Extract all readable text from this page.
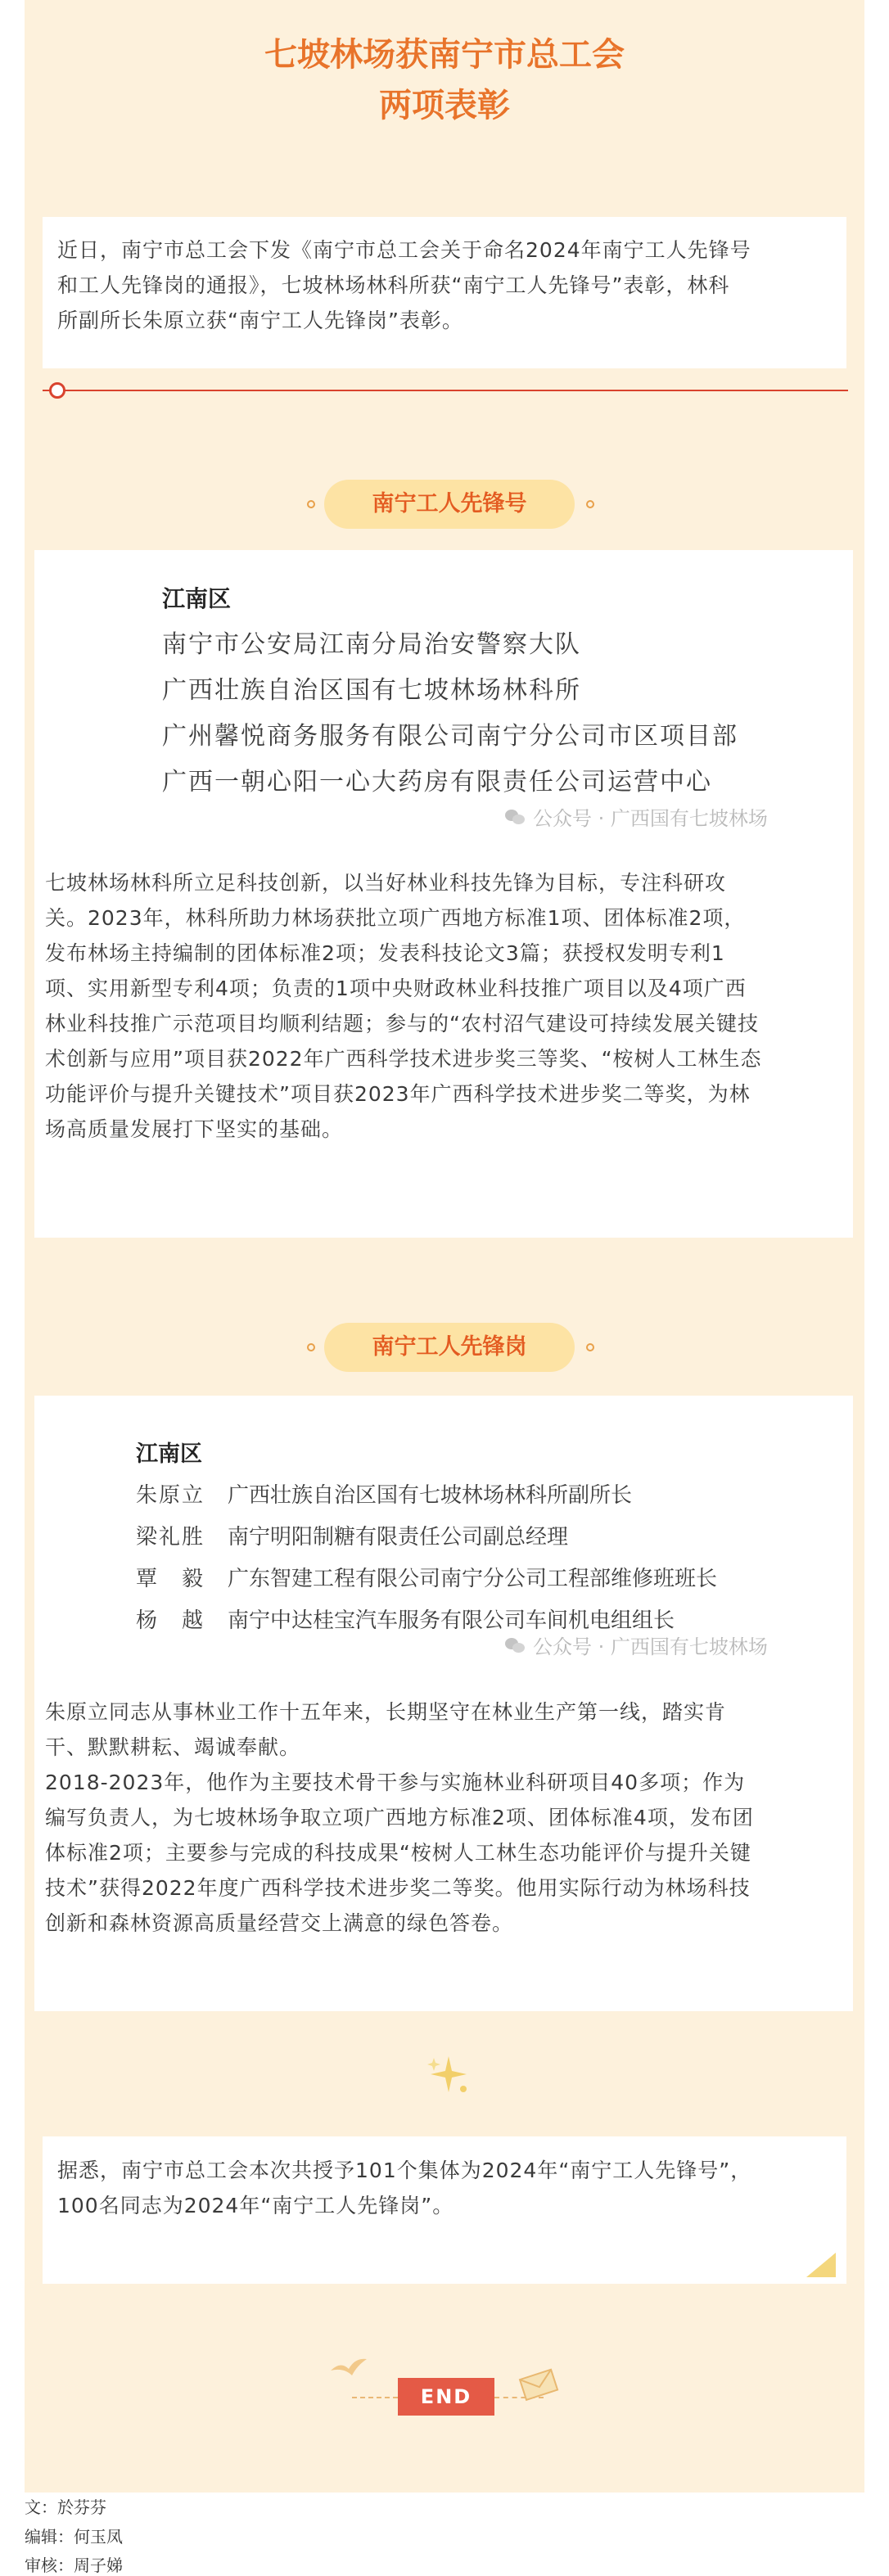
七坡林场获南宁市总工会
两项表彰

近日，南宁市总工会下发《南宁市总工会关于命名2024年南宁工人先锋号

和工人先锋岗的通报》，七坡林场林科所获“南宁工人先锋号”表彰，林科

所副所长朱原立获“南宁工人先锋岗”表彰。

南宁工人先锋号
江南区
南宁市公安局江南分局治安警察大队
广西壮族自治区国有七坡林场林科所
广州馨悦商务服务有限公司南宁分公司市区项目部
广西一朝心阳一心大药房有限责任公司运营中心
公众号 · 广西国有七坡林场

七坡林场林科所立足科技创新，以当好林业科技先锋为目标，专注科研攻

关。2023年，林科所助力林场获批立项广西地方标准1项、团体标准2项，

发布林场主持编制的团体标准2项；发表科技论文3篇；获授权发明专利1

项、实用新型专利4项；负责的1项中央财政林业科技推广项目以及4项广西

林业科技推广示范项目均顺利结题；参与的“农村沼气建设可持续发展关键技

术创新与应用”项目获2022年广西科学技术进步奖三等奖、“桉树人工林生态

功能评价与提升关键技术”项目获2023年广西科学技术进步奖二等奖，为林

场高质量发展打下坚实的基础。

南宁工人先锋岗
江南区
朱原立 广西壮族自治区国有七坡林场林科所副所长
梁礼胜 南宁明阳制糖有限责任公司副总经理
覃　毅 广东智建工程有限公司南宁分公司工程部维修班班长
杨　越 南宁中达桂宝汽车服务有限公司车间机电组组长
公众号 · 广西国有七坡林场

朱原立同志从事林业工作十五年来，长期坚守在林业生产第一线，踏实肯

干、默默耕耘、竭诚奉献。

2018-2023年，他作为主要技术骨干参与实施林业科研项目40多项；作为

编写负责人，为七坡林场争取立项广西地方标准2项、团体标准4项，发布团

体标准2项；主要参与完成的科技成果“桉树人工林生态功能评价与提升关键

技术”获得2022年度广西科学技术进步奖二等奖。他用实际行动为林场科技

创新和森林资源高质量经营交上满意的绿色答卷。

据悉，南宁市总工会本次共授予101个集体为2024年“南宁工人先锋号”，

100名同志为2024年“南宁工人先锋岗”。

END
文：於芬芬
编辑：何玉凤
审核：周子娣
